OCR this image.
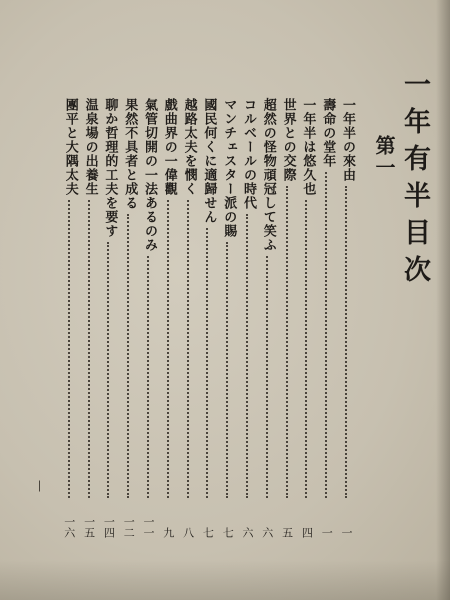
一年有半目次
第一
一年半の來由
一
壽命の堂年
一
一年半は悠久也
四
世界との交際
五
超然の怪物頑冠して笑ふ
六
コルベールの時代
六
マンチェスター派の賜
七
國民何くに適歸せん
七
越路太夫を憫く
八
戲曲界の一偉觀
九
氣管切開の一法あるのみ
一一
果然不具者と成る
一二
聊か哲理的工夫を要す
一四
温泉場の出養生
一五
團平と大隅太夫
一六
—
